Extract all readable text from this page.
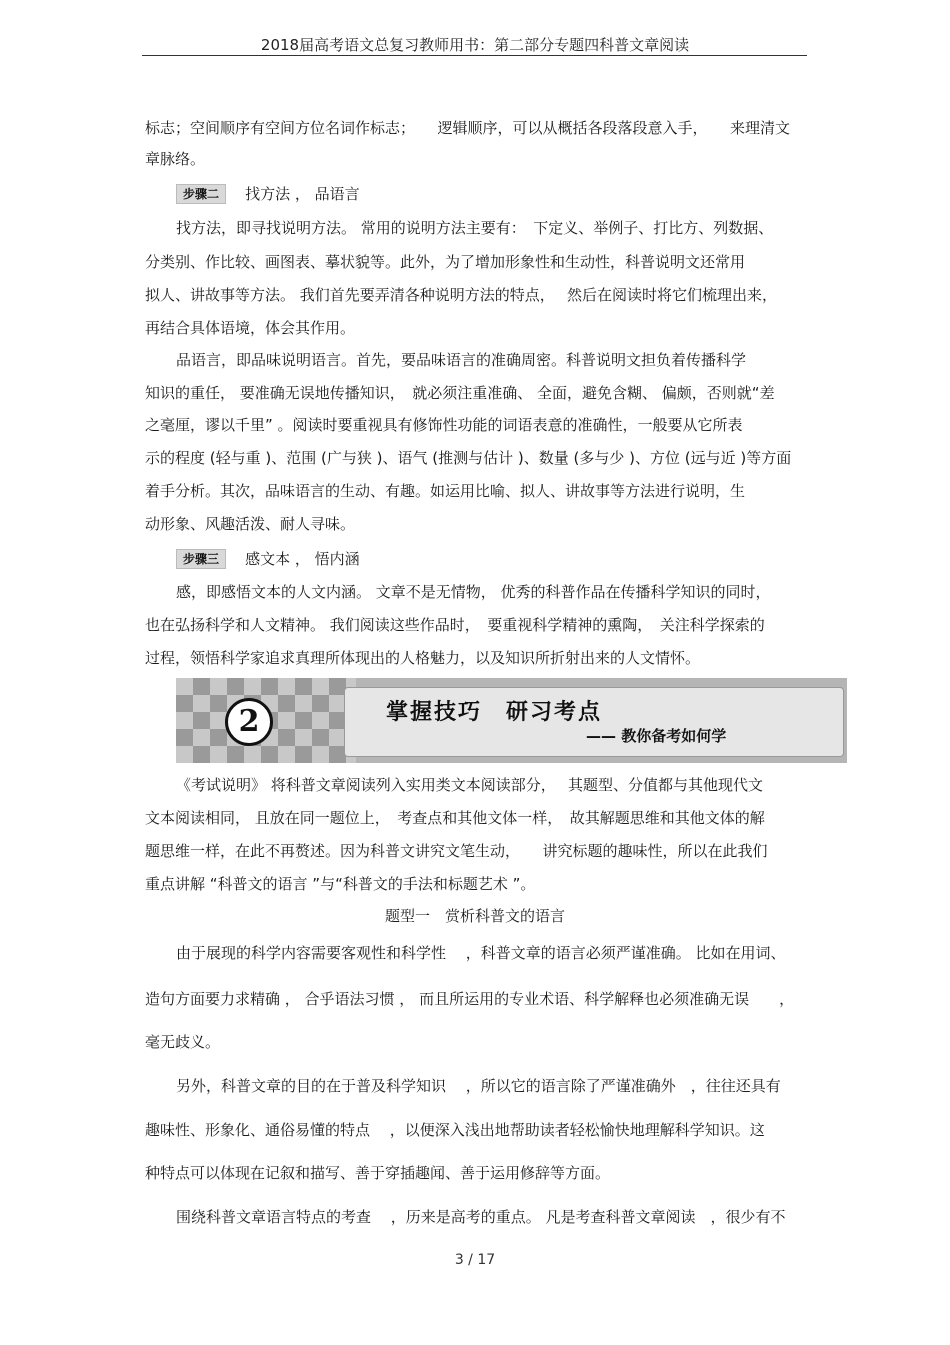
2018届高考语文总复习教师用书：第二部分专题四科普文章阅读
标志；空间顺序有空间方位名词作标志；　　逻辑顺序，可以从概括各段落段意入手，　　来理清文
章脉络。
步骤二 找方法 ， 品语言
找方法，即寻找说明方法。 常用的说明方法主要有：　下定义、举例子、打比方、列数据、
分类别、作比较、画图表、摹状貌等。此外，为了增加形象性和生动性，科普说明文还常用
拟人、讲故事等方法。 我们首先要弄清各种说明方法的特点，　 然后在阅读时将它们梳理出来，
再结合具体语境，体会其作用。
品语言，即品味说明语言。首先，要品味语言的准确周密。科普说明文担负着传播科学
知识的重任， 要准确无误地传播知识，　就必须注重准确、 全面，避免含糊、 偏颇，否则就“差
之毫厘，谬以千里” 。阅读时要重视具有修饰性功能的词语表意的准确性，一般要从它所表
示的程度 (轻与重 )、范围 (广与狭 )、语气 (推测与估计 )、数量 (多与少 )、方位 (远与近 )等方面
着手分析。其次，品味语言的生动、有趣。如运用比喻、拟人、讲故事等方法进行说明，生
动形象、风趣活泼、耐人寻味。
步骤三 感文本 ， 悟内涵
感，即感悟文本的人文内涵。 文章不是无情物， 优秀的科普作品在传播科学知识的同时，
也在弘扬科学和人文精神。 我们阅读这些作品时，　要重视科学精神的熏陶，　关注科学探索的
过程，领悟科学家追求真理所体现出的人格魅力，以及知识所折射出来的人文情怀。
2	掌握技巧　研习考点
—— 教你备考如何学
《考试说明》 将科普文章阅读列入实用类文本阅读部分，　 其题型、分值都与其他现代文
文本阅读相同， 且放在同一题位上，　考查点和其他文体一样，　故其解题思维和其他文体的解
题思维一样，在此不再赘述。因为科普文讲究文笔生动，　　讲究标题的趣味性，所以在此我们
重点讲解 “科普文的语言 ”与“科普文的手法和标题艺术 ”。
题型一　赏析科普文的语言
由于展现的科学内容需要客观性和科学性　 ，科普文章的语言必须严谨准确。 比如在用词、
造句方面要力求精确 ， 合乎语法习惯 ， 而且所运用的专业术语、科学解释也必须准确无误　　，
毫无歧义。
另外，科普文章的目的在于普及科学知识　 ，所以它的语言除了严谨准确外　，往往还具有
趣味性、形象化、通俗易懂的特点　 ，以便深入浅出地帮助读者轻松愉快地理解科学知识。这
种特点可以体现在记叙和描写、善于穿插趣闻、善于运用修辞等方面。
围绕科普文章语言特点的考查　 ，历来是高考的重点。 凡是考查科普文章阅读　，很少有不
3 / 17
